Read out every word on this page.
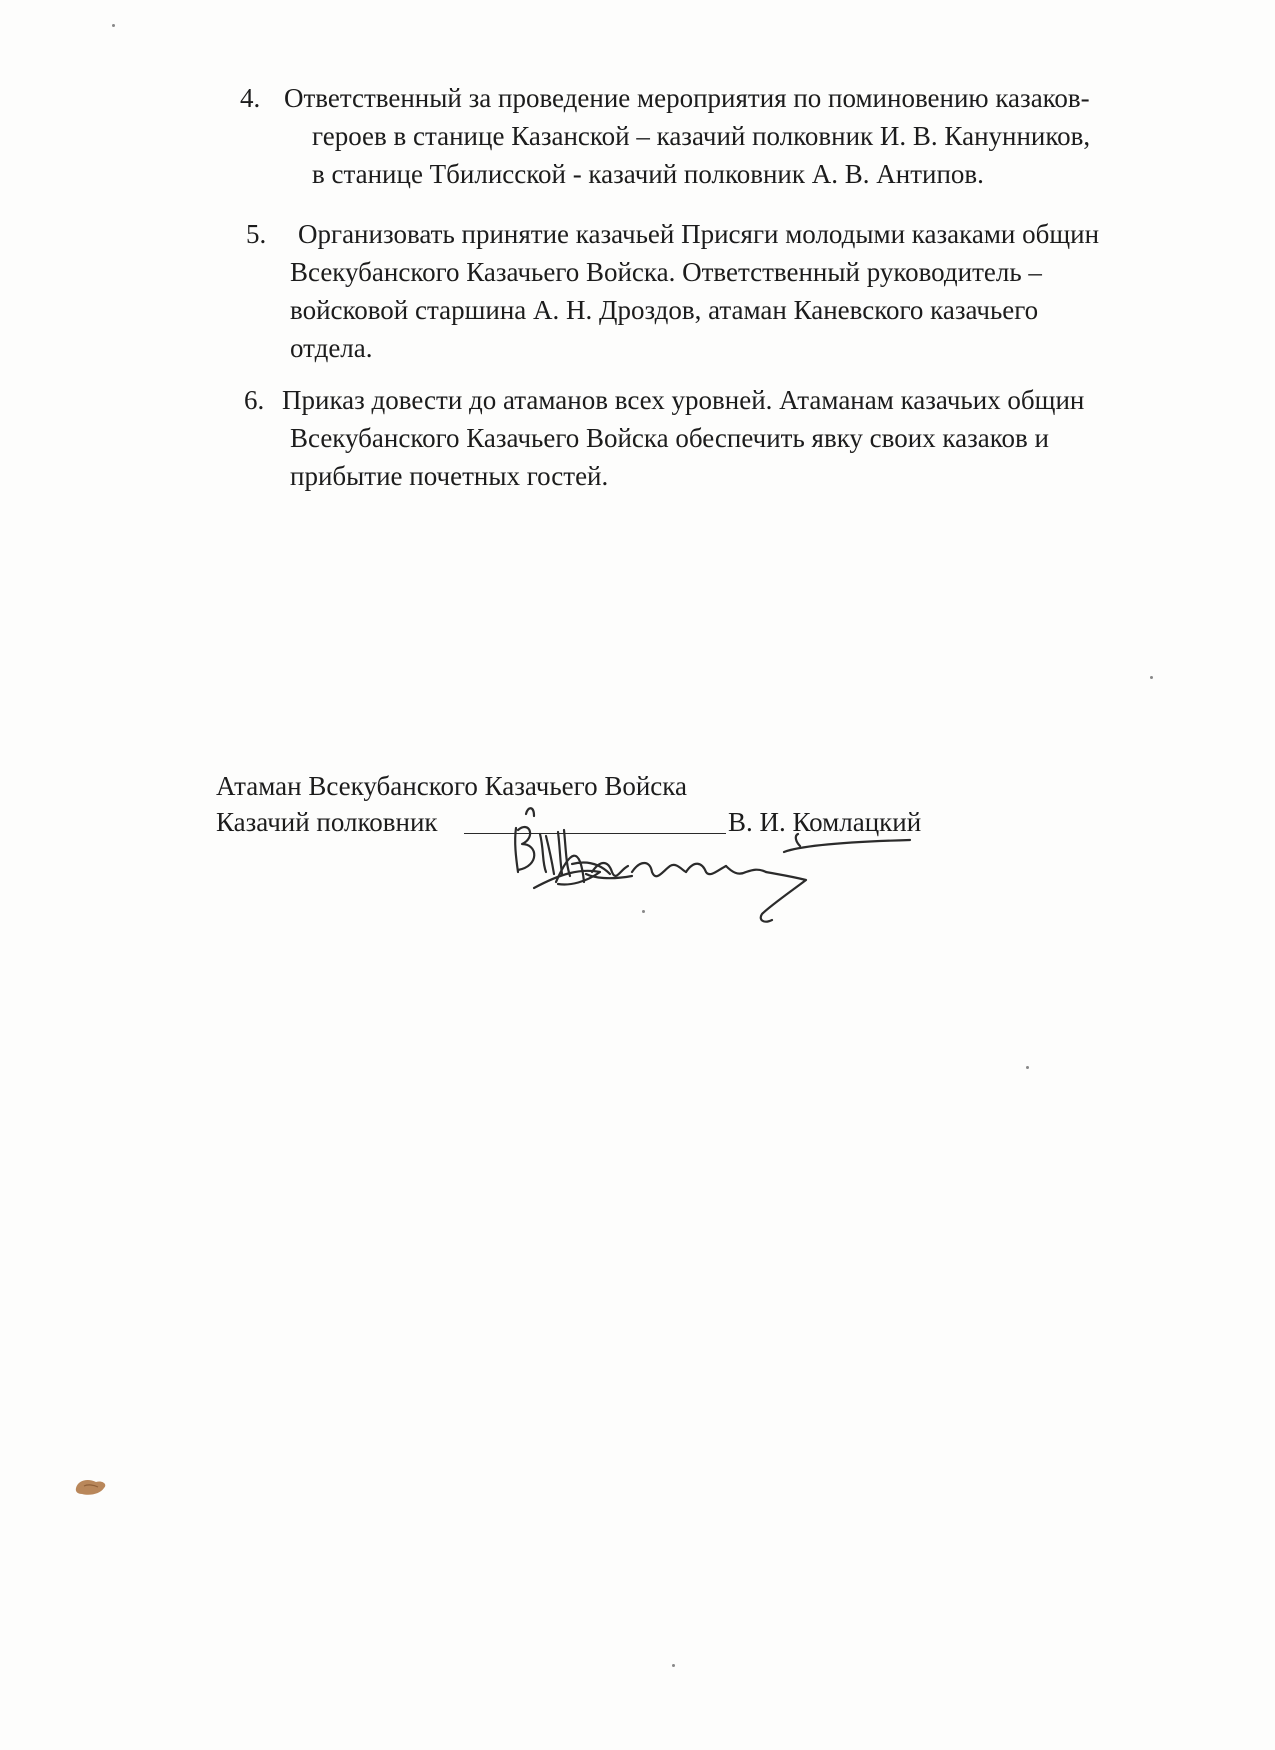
4. Ответственный за проведение мероприятия по поминовению казаков-
героев в станице Казанской – казачий полковник И. В. Канунников,
в станице Тбилисской - казачий полковник А. В. Антипов.
5. Организовать принятие казачьей Присяги молодыми казаками общин
Всекубанского Казачьего Войска. Ответственный руководитель –
войсковой старшина А. Н. Дроздов, атаман Каневского казачьего
отдела.
6. Приказ довести до атаманов всех уровней. Атаманам казачьих общин
Всекубанского Казачьего Войска обеспечить явку своих казаков и
прибытие почетных гостей.
Атаман Всекубанского Казачьего Войска
Казачий полковник	В. И. Комлацкий
